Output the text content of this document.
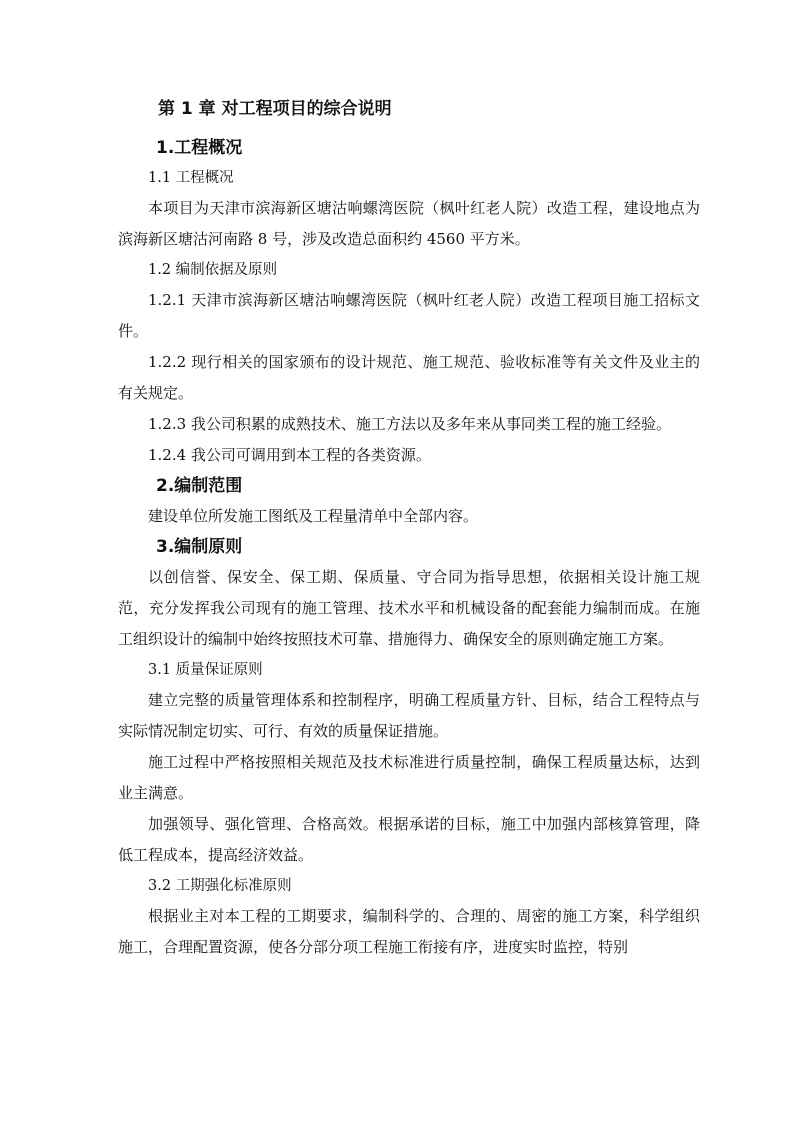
第 1 章 对工程项目的综合说明
1.工程概况
1.1 工程概况

本项目为天津市滨海新区塘沽响螺湾医院（枫叶红老人院）改造工程，建设地点为滨海新区塘沽河南路 8 号，涉及改造总面积约 4560 平方米。

1.2 编制依据及原则

1.2.1 天津市滨海新区塘沽响螺湾医院（枫叶红老人院）改造工程项目施工招标文件。

1.2.2 现行相关的国家颁布的设计规范、施工规范、验收标准等有关文件及业主的有关规定。

1.2.3 我公司积累的成熟技术、施工方法以及多年来从事同类工程的施工经验。

1.2.4 我公司可调用到本工程的各类资源。

2.编制范围

建设单位所发施工图纸及工程量清单中全部内容。

3.编制原则

以创信誉、保安全、保工期、保质量、守合同为指导思想，依据相关设计施工规范，充分发挥我公司现有的施工管理、技术水平和机械设备的配套能力编制而成。在施工组织设计的编制中始终按照技术可靠、措施得力、确保安全的原则确定施工方案。

3.1 质量保证原则

建立完整的质量管理体系和控制程序，明确工程质量方针、目标，结合工程特点与实际情况制定切实、可行、有效的质量保证措施。

施工过程中严格按照相关规范及技术标准进行质量控制，确保工程质量达标，达到业主满意。

加强领导、强化管理、合格高效。根据承诺的目标，施工中加强内部核算管理，降低工程成本，提高经济效益。

3.2 工期强化标准原则

根据业主对本工程的工期要求，编制科学的、合理的、周密的施工方案，科学组织施工，合理配置资源，使各分部分项工程施工衔接有序，进度实时监控，特别
